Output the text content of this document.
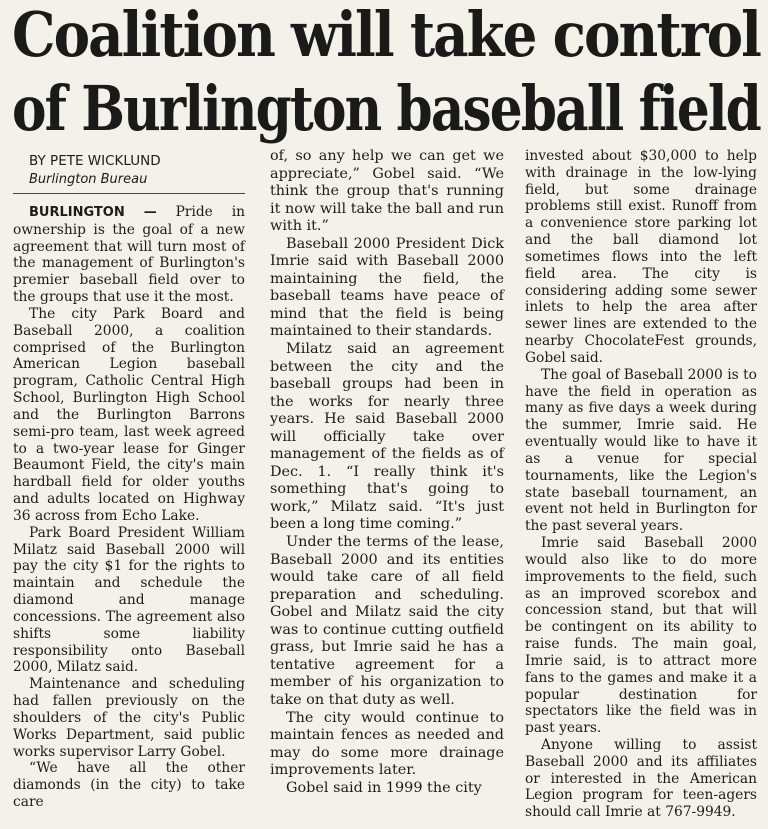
Coalition will take control
of Burlington baseball field

BY PETE WICKLUND

Burlington Bureau

BURLINGTON — Pride in ownership is the goal of a new agreement that will turn most of the management of Burlington's premier baseball field over to the groups that use it the most.

The city Park Board and Baseball 2000, a coalition comprised of the Burlington American Legion baseball program, Catholic Central High School, Burlington High School and the Burlington Barrons semi-pro team, last week agreed to a two-year lease for Ginger Beaumont Field, the city's main hardball field for older youths and adults located on Highway 36 across from Echo Lake.

Park Board President William Milatz said Baseball 2000 will pay the city $1 for the rights to maintain and schedule the diamond and manage concessions. The agreement also shifts some liability responsibility onto Baseball 2000, Milatz said.

Maintenance and scheduling had fallen previously on the shoulders of the city's Public Works Department, said public works supervisor Larry Gobel.

“We have all the other diamonds (in the city) to take care

of, so any help we can get we appreciate,” Gobel said. “We think the group that's running it now will take the ball and run with it.”

Baseball 2000 President Dick Imrie said with Baseball 2000 maintaining the field, the baseball teams have peace of mind that the field is being maintained to their standards.

Milatz said an agreement between the city and the baseball groups had been in the works for nearly three years. He said Baseball 2000 will officially take over management of the fields as of Dec. 1. “I really think it's something that's going to work,” Milatz said. “It's just been a long time coming.”

Under the terms of the lease, Baseball 2000 and its entities would take care of all field preparation and scheduling. Gobel and Milatz said the city was to continue cutting outfield grass, but Imrie said he has a tentative agreement for a member of his organization to take on that duty as well.

The city would continue to maintain fences as needed and may do some more drainage improvements later.

Gobel said in 1999 the city

invested about $30,000 to help with drainage in the low-lying field, but some drainage problems still exist. Runoff from a convenience store parking lot and the ball diamond lot sometimes flows into the left field area. The city is considering adding some sewer inlets to help the area after sewer lines are extended to the nearby ChocolateFest grounds, Gobel said.

The goal of Baseball 2000 is to have the field in operation as many as five days a week during the summer, Imrie said. He eventually would like to have it as a venue for special tournaments, like the Legion's state baseball tournament, an event not held in Burlington for the past several years.

Imrie said Baseball 2000 would also like to do more improvements to the field, such as an improved scorebox and concession stand, but that will be contingent on its ability to raise funds. The main goal, Imrie said, is to attract more fans to the games and make it a popular destination for spectators like the field was in past years.

Anyone willing to assist Baseball 2000 and its affiliates or interested in the American Legion program for teen-agers should call Imrie at 767-9949.
